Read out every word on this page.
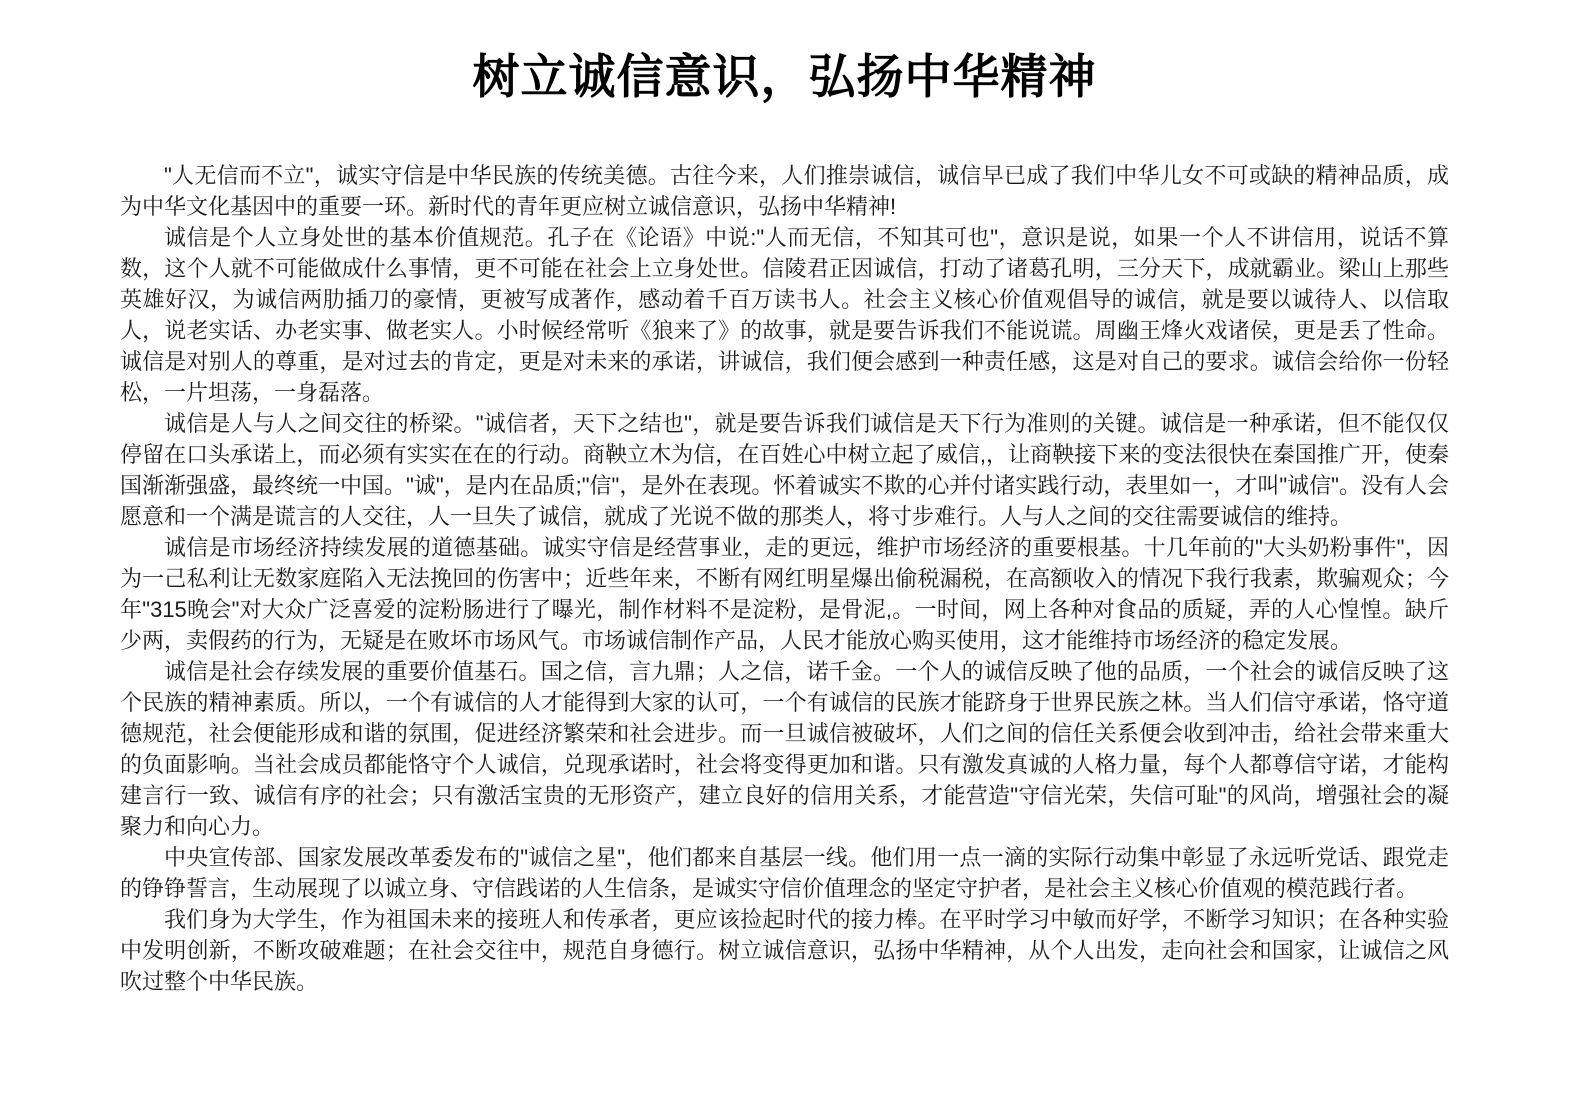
树立诚信意识，弘扬中华精神

"人无信而不立"，诚实守信是中华民族的传统美德。古往今来，人们推崇诚信，诚信早已成了我们中华儿女不可或缺的精神品质，成为中华文化基因中的重要一环。新时代的青年更应树立诚信意识，弘扬中华精神!

诚信是个人立身处世的基本价值规范。孔子在《论语》中说:"人而无信，不知其可也"，意识是说，如果一个人不讲信用，说话不算数，这个人就不可能做成什么事情，更不可能在社会上立身处世。信陵君正因诚信，打动了诸葛孔明，三分天下，成就霸业。梁山上那些英雄好汉，为诚信两肋插刀的豪情，更被写成著作，感动着千百万读书人。社会主义核心价值观倡导的诚信，就是要以诚待人、以信取人，说老实话、办老实事、做老实人。小时候经常听《狼来了》的故事，就是要告诉我们不能说谎。周幽王烽火戏诸侯，更是丢了性命。诚信是对别人的尊重，是对过去的肯定，更是对未来的承诺，讲诚信，我们便会感到一种责任感，这是对自己的要求。诚信会给你一份轻松，一片坦荡，一身磊落。

诚信是人与人之间交往的桥梁。"诚信者，天下之结也"，就是要告诉我们诚信是天下行为准则的关键。诚信是一种承诺，但不能仅仅停留在口头承诺上，而必须有实实在在的行动。商鞅立木为信，在百姓心中树立起了威信,，让商鞅接下来的变法很快在秦国推广开，使秦国渐渐强盛，最终统一中国。"诚"，是内在品质;"信"，是外在表现。怀着诚实不欺的心并付诸实践行动，表里如一，才叫"诚信"。没有人会愿意和一个满是谎言的人交往，人一旦失了诚信，就成了光说不做的那类人，将寸步难行。人与人之间的交往需要诚信的维持。

诚信是市场经济持续发展的道德基础。诚实守信是经营事业，走的更远，维护市场经济的重要根基。十几年前的"大头奶粉事件"，因为一己私利让无数家庭陷入无法挽回的伤害中；近些年来，不断有网红明星爆出偷税漏税，在高额收入的情况下我行我素，欺骗观众；今年"315晚会"对大众广泛喜爱的淀粉肠进行了曝光，制作材料不是淀粉，是骨泥,。一时间，网上各种对食品的质疑，弄的人心惶惶。缺斤少两，卖假药的行为，无疑是在败坏市场风气。市场诚信制作产品，人民才能放心购买使用，这才能维持市场经济的稳定发展。

诚信是社会存续发展的重要价值基石。国之信，言九鼎；人之信，诺千金。一个人的诚信反映了他的品质，一个社会的诚信反映了这个民族的精神素质。所以，一个有诚信的人才能得到大家的认可，一个有诚信的民族才能跻身于世界民族之林。当人们信守承诺，恪守道德规范，社会便能形成和谐的氛围，促进经济繁荣和社会进步。而一旦诚信被破坏，人们之间的信任关系便会收到冲击，给社会带来重大的负面影响。当社会成员都能恪守个人诚信，兑现承诺时，社会将变得更加和谐。只有激发真诚的人格力量，每个人都尊信守诺，才能构建言行一致、诚信有序的社会；只有激活宝贵的无形资产，建立良好的信用关系，才能营造"守信光荣，失信可耻"的风尚，增强社会的凝聚力和向心力。

中央宣传部、国家发展改革委发布的"诚信之星"，他们都来自基层一线。他们用一点一滴的实际行动集中彰显了永远听党话、跟党走的铮铮誓言，生动展现了以诚立身、守信践诺的人生信条，是诚实守信价值理念的坚定守护者，是社会主义核心价值观的模范践行者。

我们身为大学生，作为祖国未来的接班人和传承者，更应该捡起时代的接力棒。在平时学习中敏而好学，不断学习知识；在各种实验中发明创新，不断攻破难题；在社会交往中，规范自身德行。树立诚信意识，弘扬中华精神，从个人出发，走向社会和国家，让诚信之风吹过整个中华民族。
